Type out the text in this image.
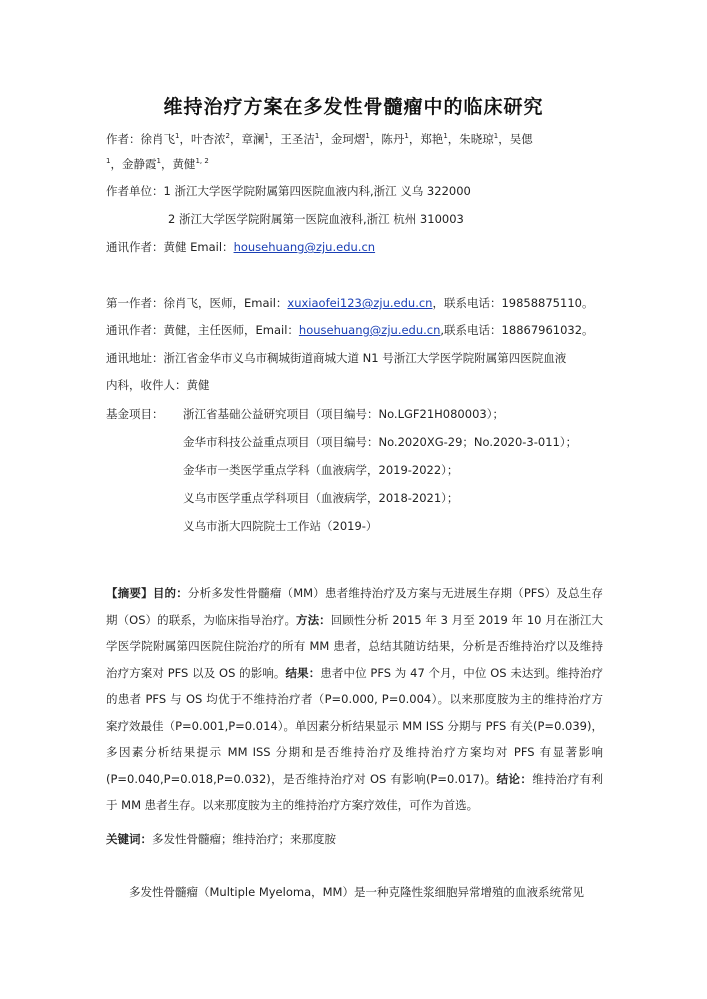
维持治疗方案在多发性骨髓瘤中的临床研究
作者：徐肖飞$^1$，叶杏浓$^2$，章澜$^1$，王圣洁$^1$，金珂熠$^1$，陈丹$^1$，郑艳$^1$，朱晓琼$^1$，吴偲
$^1$，金静霞$^1$，黄健$^{1, 2}$
作者单位：1 浙江大学医学院附属第四医院血液内科,浙江 义乌 322000
2 浙江大学医学院附属第一医院血液科,浙江 杭州 310003
通讯作者：黄健 Email：househuang@zju.edu.cn
第一作者：徐肖飞，医师，Email：xuxiaofei123@zju.edu.cn，联系电话：19858875110。
通讯作者：黄健，主任医师，Email：househuang@zju.edu.cn,联系电话：18867961032。
通讯地址：浙江省金华市义乌市稠城街道商城大道 N1 号浙江大学医学院附属第四医院血液
内科，收件人：黄健
基金项目： 浙江省基础公益研究项目（项目编号：No.LGF21H080003）；
金华市科技公益重点项目（项目编号：No.2020XG-29；No.2020-3-011）；
金华市一类医学重点学科（血液病学，2019-2022）；
义乌市医学重点学科项目（血液病学，2018-2021）；
义乌市浙大四院院士工作站（2019-）
【摘要】目的：分析多发性骨髓瘤（MM）患者维持治疗及方案与无进展生存期（PFS）及总生存期（OS）的联系，为临床指导治疗。方法：回顾性分析 2015 年 3 月至 2019 年 10 月在浙江大学医学院附属第四医院住院治疗的所有 MM 患者，总结其随访结果，分析是否维持治疗以及维持治疗方案对 PFS 以及 OS 的影响。结果：患者中位 PFS 为 47 个月，中位 OS 未达到。维持治疗的患者 PFS 与 OS 均优于不维持治疗者（P=0.000, P=0.004）。以来那度胺为主的维持治疗方案疗效最佳（P=0.001,P=0.014）。单因素分析结果显示 MM ISS 分期与 PFS 有关(P=0.039)，多因素分析结果提示 MM ISS 分期和是否维持治疗及维持治疗方案均对 PFS 有显著影响(P=0.040,P=0.018,P=0.032)，是否维持治疗对 OS 有影响(P=0.017)。结论：维持治疗有利于 MM 患者生存。以来那度胺为主的维持治疗方案疗效佳，可作为首选。
关键词：多发性骨髓瘤；维持治疗；来那度胺
多发性骨髓瘤（Multiple Myeloma，MM）是一种克隆性浆细胞异常增殖的血液系统常见
